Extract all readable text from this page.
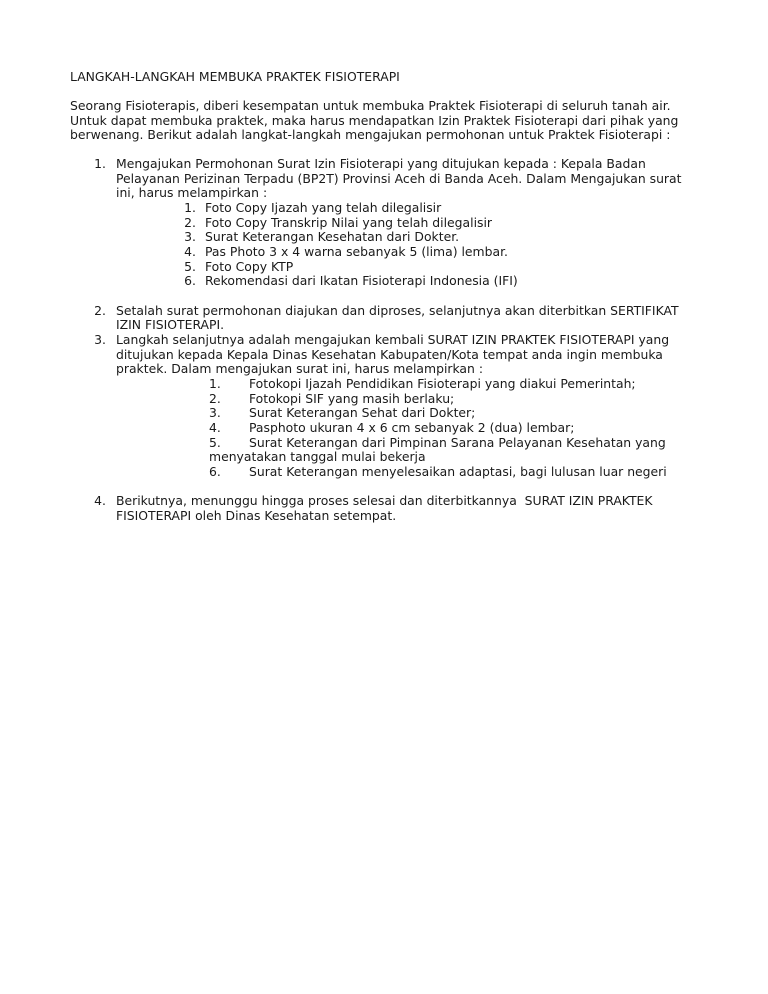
LANGKAH-LANGKAH MEMBUKA PRAKTEK FISIOTERAPI
Seorang Fisioterapis, diberi kesempatan untuk membuka Praktek Fisioterapi di seluruh tanah air.
Untuk dapat membuka praktek, maka harus mendapatkan Izin Praktek Fisioterapi dari pihak yang
berwenang. Berikut adalah langkat-langkah mengajukan permohonan untuk Praktek Fisioterapi :
1. Mengajukan Permohonan Surat Izin Fisioterapi yang ditujukan kepada : Kepala Badan
Pelayanan Perizinan Terpadu (BP2T) Provinsi Aceh di Banda Aceh. Dalam Mengajukan surat
ini, harus melampirkan :
1. Foto Copy Ijazah yang telah dilegalisir
2. Foto Copy Transkrip Nilai yang telah dilegalisir
3. Surat Keterangan Kesehatan dari Dokter.
4. Pas Photo 3 x 4 warna sebanyak 5 (lima) lembar.
5. Foto Copy KTP
6. Rekomendasi dari Ikatan Fisioterapi Indonesia (IFI)
2. Setalah surat permohonan diajukan dan diproses, selanjutnya akan diterbitkan SERTIFIKAT
IZIN FISIOTERAPI.
3. Langkah selanjutnya adalah mengajukan kembali SURAT IZIN PRAKTEK FISIOTERAPI yang
ditujukan kepada Kepala Dinas Kesehatan Kabupaten/Kota tempat anda ingin membuka
praktek. Dalam mengajukan surat ini, harus melampirkan :
1. Fotokopi Ijazah Pendidikan Fisioterapi yang diakui Pemerintah;
2. Fotokopi SIF yang masih berlaku;
3. Surat Keterangan Sehat dari Dokter;
4. Pasphoto ukuran 4 x 6 cm sebanyak 2 (dua) lembar;
5. Surat Keterangan dari Pimpinan Sarana Pelayanan Kesehatan yang
menyatakan tanggal mulai bekerja
6. Surat Keterangan menyelesaikan adaptasi, bagi lulusan luar negeri
4. Berikutnya, menunggu hingga proses selesai dan diterbitkannya  SURAT IZIN PRAKTEK
FISIOTERAPI oleh Dinas Kesehatan setempat.
